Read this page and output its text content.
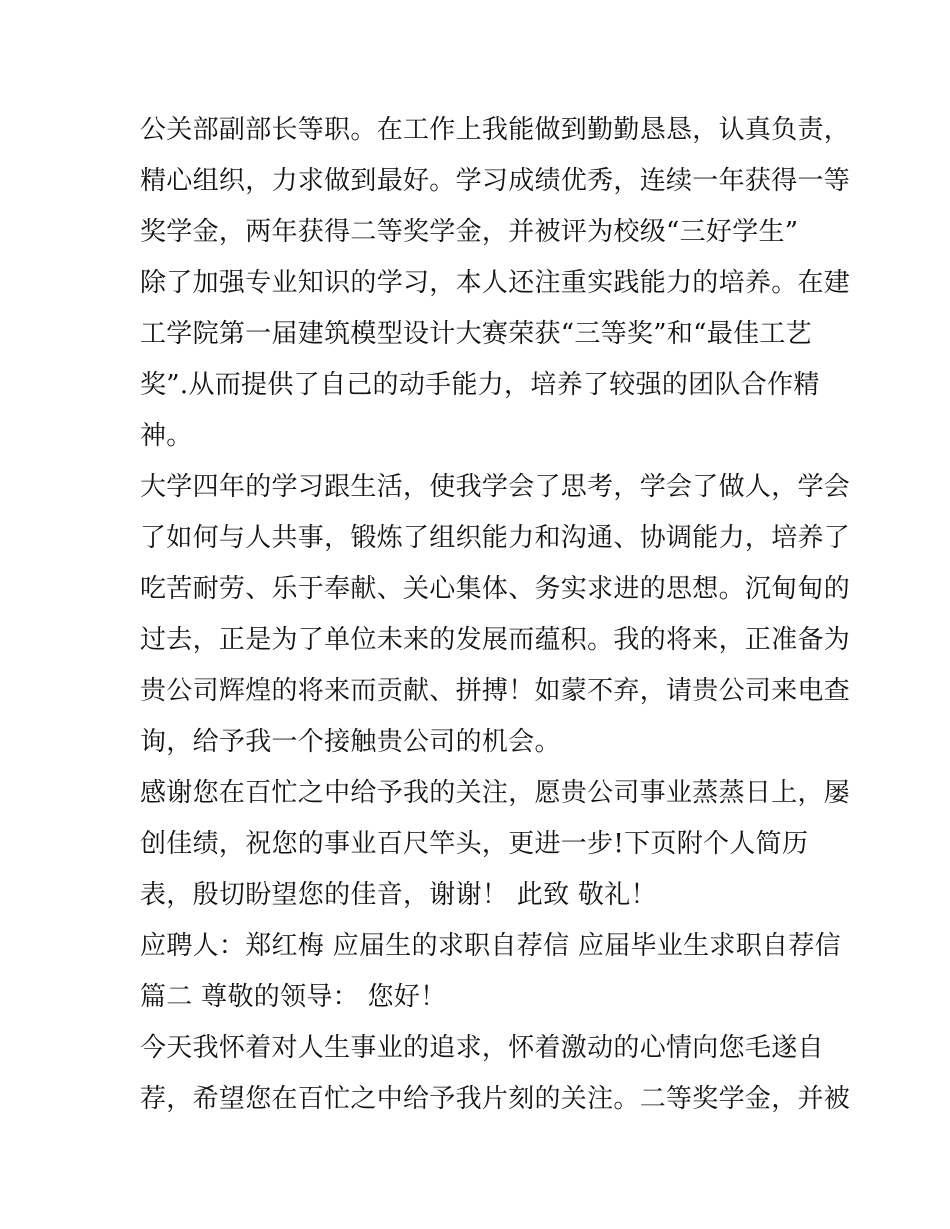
公关部副部长等职。在工作上我能做到勤勤恳恳，认真负责，
精心组织，力求做到最好。学习成绩优秀，连续一年获得一等
奖学金，两年获得二等奖学金，并被评为校级“三好学生”
除了加强专业知识的学习，本人还注重实践能力的培养。在建
工学院第一届建筑模型设计大赛荣获“三等奖”和“最佳工艺
奖”.从而提供了自己的动手能力，培养了较强的团队合作精
神。
大学四年的学习跟生活，使我学会了思考，学会了做人，学会
了如何与人共事，锻炼了组织能力和沟通、协调能力，培养了
吃苦耐劳、乐于奉献、关心集体、务实求进的思想。沉甸甸的
过去，正是为了单位未来的发展而蕴积。我的将来，正准备为
贵公司辉煌的将来而贡献、拼搏！如蒙不弃，请贵公司来电查
询，给予我一个接触贵公司的机会。
感谢您在百忙之中给予我的关注，愿贵公司事业蒸蒸日上，屡
创佳绩，祝您的事业百尺竿头，更进一步!下页附个人简历
表，殷切盼望您的佳音，谢谢！ 此致 敬礼！
应聘人：郑红梅 应届生的求职自荐信 应届毕业生求职自荐信
篇二 尊敬的领导： 您好！
今天我怀着对人生事业的追求，怀着激动的心情向您毛遂自
荐，希望您在百忙之中给予我片刻的关注。二等奖学金，并被
